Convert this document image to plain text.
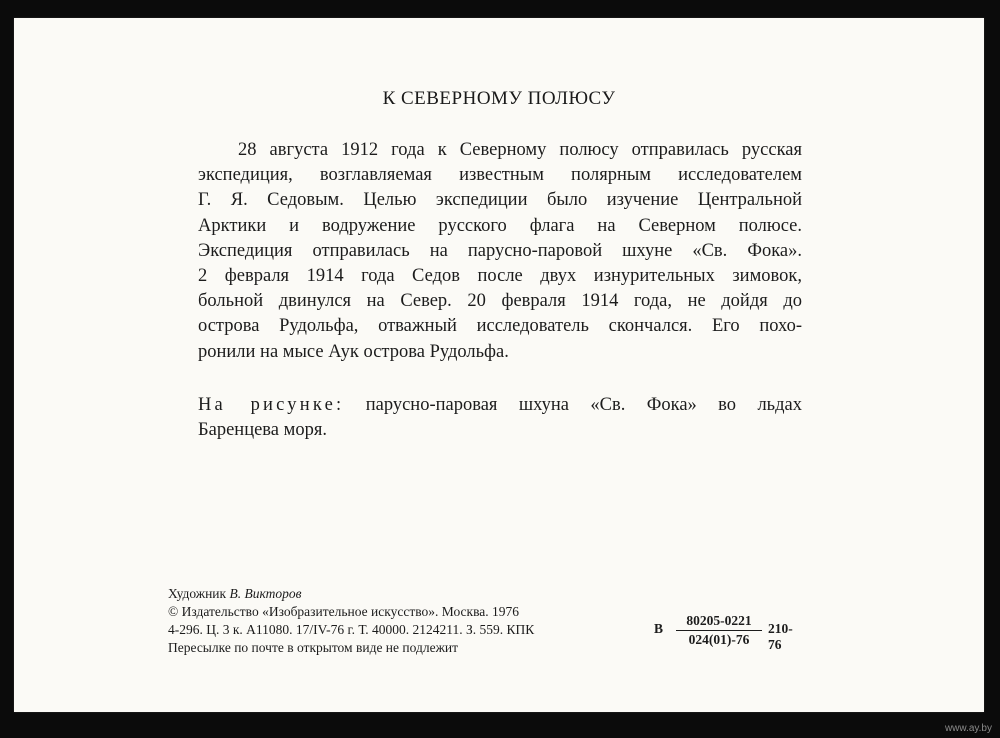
К СЕВЕРНОМУ ПОЛЮСУ
28 августа 1912 года к Северному полюсу отправилась русская
экспедиция, возглавляемая известным полярным исследователем
Г. Я. Седовым. Целью экспедиции было изучение Центральной
Арктики и водружение русского флага на Северном полюсе.
Экспедиция отправилась на парусно-паровой шхуне «Св. Фока».
2 февраля 1914 года Седов после двух изнурительных зимовок,
больной двинулся на Север. 20 февраля 1914 года, не дойдя до
острова Рудольфа, отважный исследователь скончался. Его похо-
ронили на мысе Аук острова Рудольфа.
На рисунке: парусно-паровая шхуна «Св. Фока» во льдах
Баренцева моря.
Художник В. Викторов
© Издательство «Изобразительное искусство». Москва. 1976
4-296. Ц. 3 к. А11080. 17/IV-76 г. Т. 40000. 2124211. З. 559. КПК
Пересылке по почте в открытом виде не подлежит
В $\frac{80205-0221}{024(01)-76} 210-76$
www.ay.by
